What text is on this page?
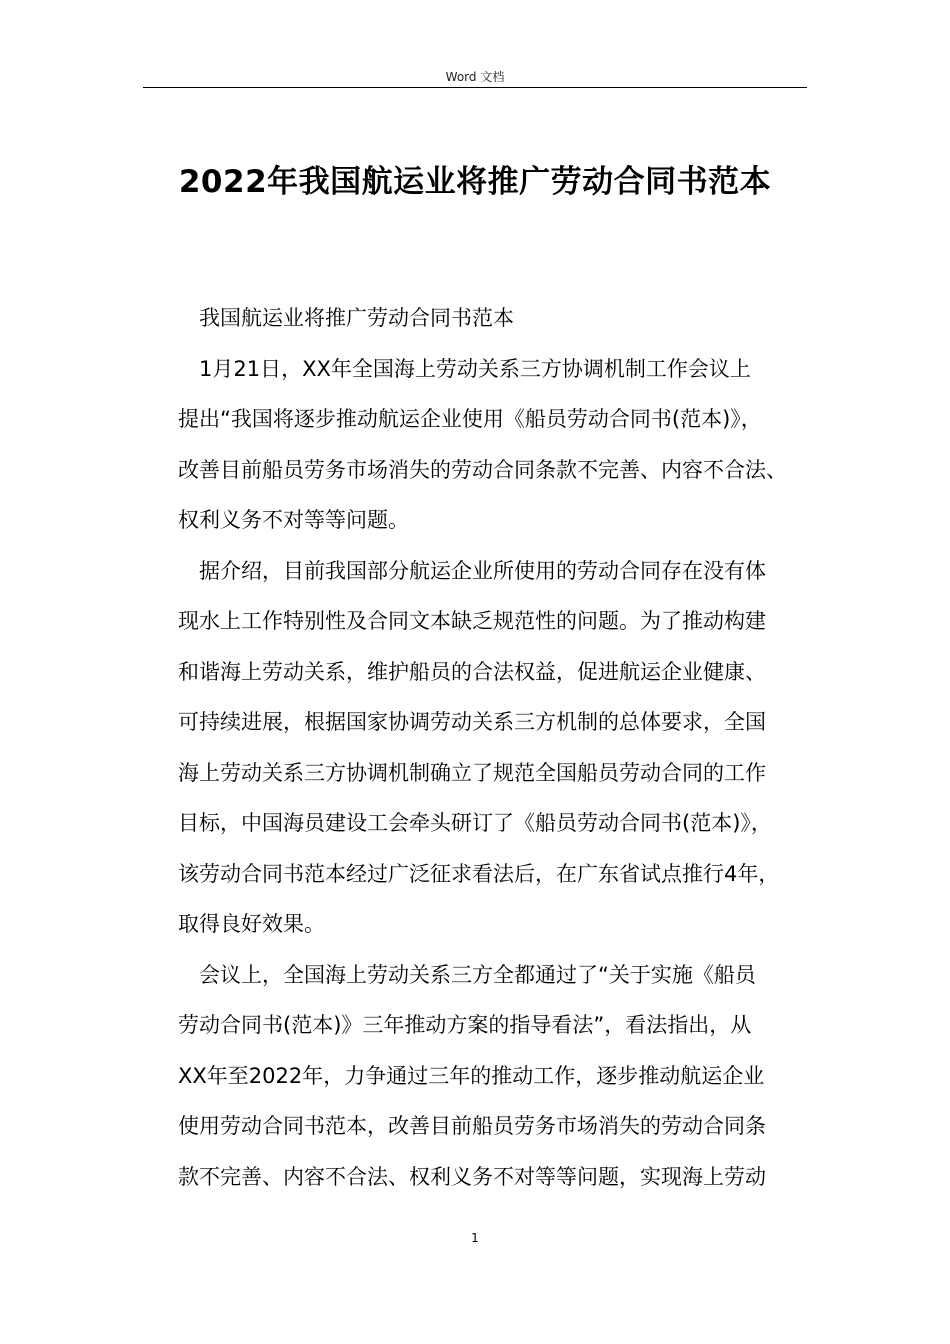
Word 文档
2022年我国航运业将推广劳动合同书范本
我国航运业将推广劳动合同书范本
1月21日，XX年全国海上劳动关系三方协调机制工作会议上
提出“我国将逐步推动航运企业使用《船员劳动合同书(范本)》，
改善目前船员劳务市场消失的劳动合同条款不完善、内容不合法、
权利义务不对等等问题。
据介绍，目前我国部分航运企业所使用的劳动合同存在没有体
现水上工作特别性及合同文本缺乏规范性的问题。为了推动构建
和谐海上劳动关系，维护船员的合法权益，促进航运企业健康、
可持续进展，根据国家协调劳动关系三方机制的总体要求，全国
海上劳动关系三方协调机制确立了规范全国船员劳动合同的工作
目标，中国海员建设工会牵头研订了《船员劳动合同书(范本)》，
该劳动合同书范本经过广泛征求看法后，在广东省试点推行4年，
取得良好效果。
会议上，全国海上劳动关系三方全都通过了“关于实施《船员
劳动合同书(范本)》三年推动方案的指导看法”，看法指出，从
XX年至2022年，力争通过三年的推动工作，逐步推动航运企业
使用劳动合同书范本，改善目前船员劳务市场消失的劳动合同条
款不完善、内容不合法、权利义务不对等等问题，实现海上劳动
1
